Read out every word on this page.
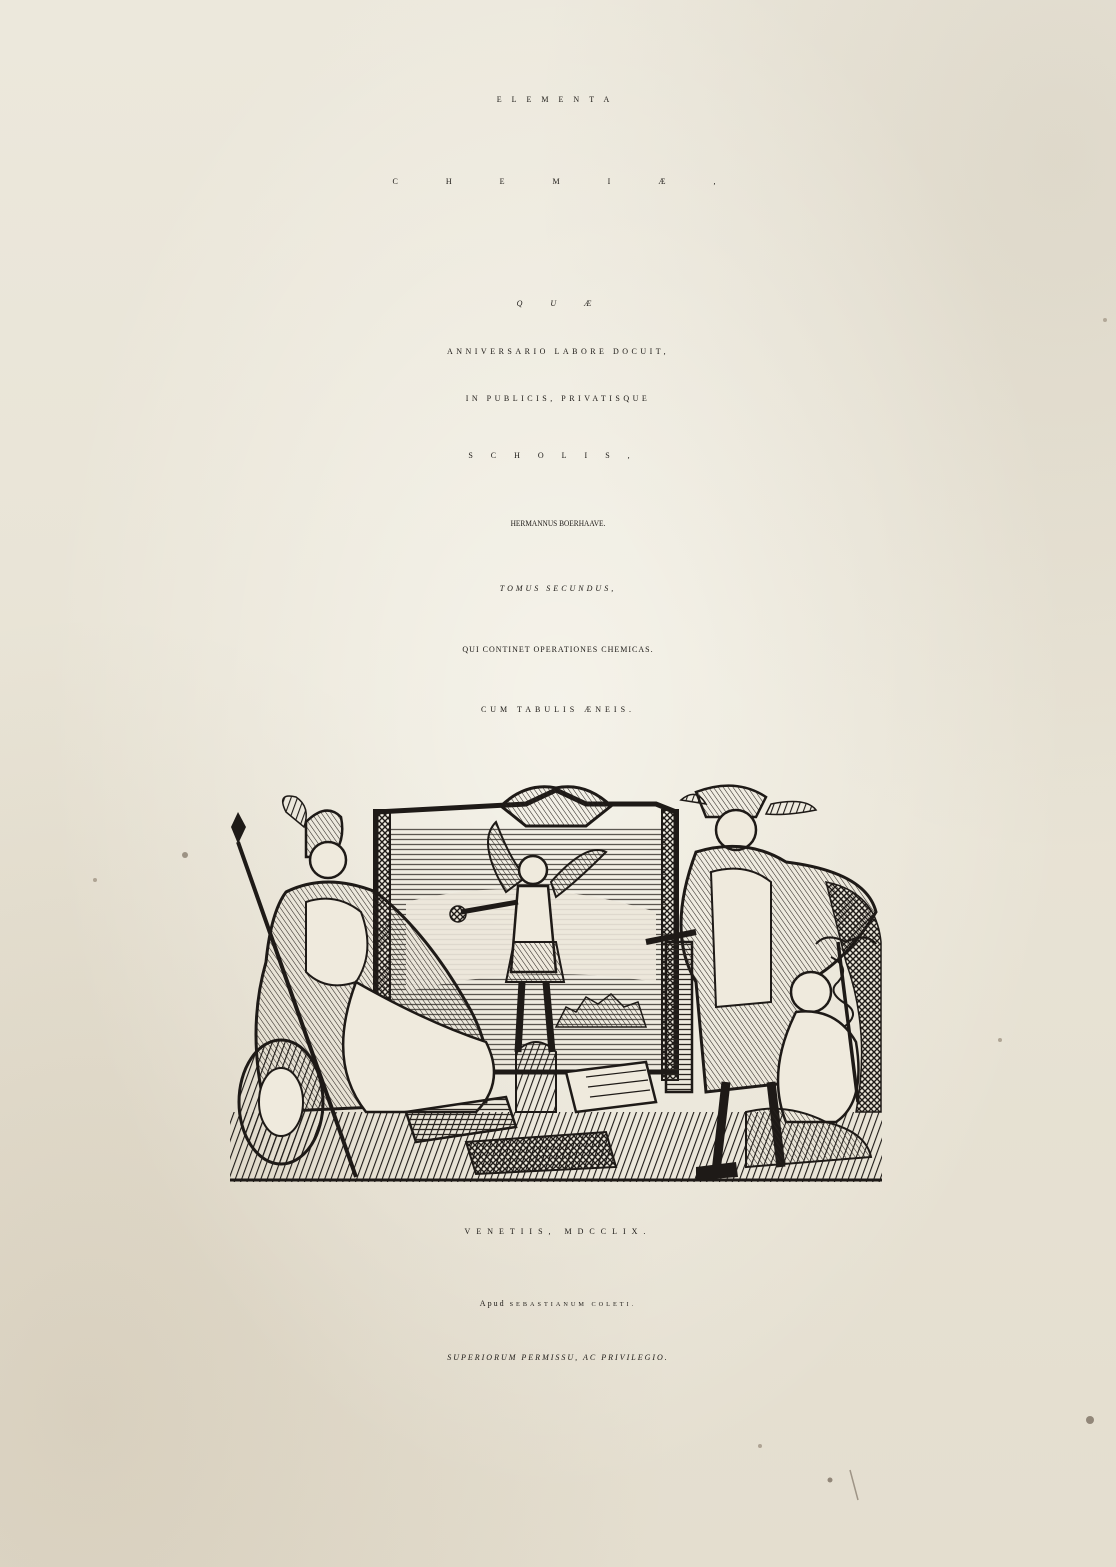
ELEMENTA
CHEMIÆ,
QUÆ
ANNIVERSARIO LABORE DOCUIT,
IN PUBLICIS, PRIVATISQUE
SCHOLIS,
HERMANNUS BOERHAAVE.
TOMUS SECUNDUS,
QUI CONTINET OPERATIONES CHEMICAS.
CUM TABULIS ÆNEIS.
VENETIIS, MDCCLIX.
Apud SEBASTIANUM COLETI.
SUPERIORUM PERMISSU, AC PRIVILEGIO.
